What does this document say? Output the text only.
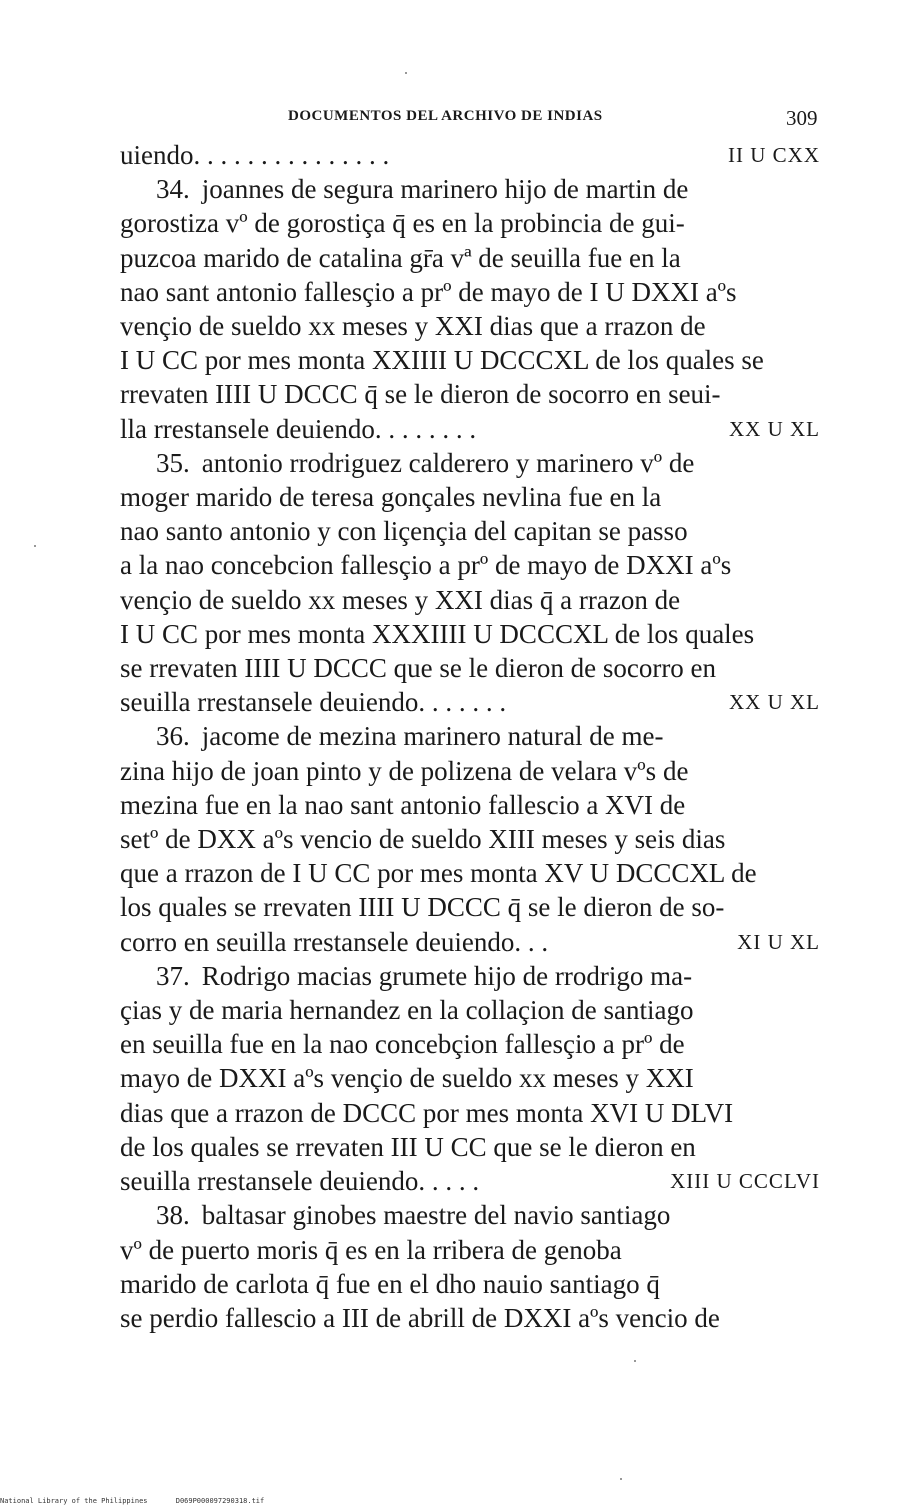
DOCUMENTOS DEL ARCHIVO DE INDIAS	309
uiendo. . . . . . . . . . . . . . .	II U CXX
34. joannes de segura marinero hijo de martin de
gorostiza vº de gorostiça q̄ es en la probincia de gui-
puzcoa marido de catalina gr̄a vª de seuilla fue en la
nao sant antonio fallesçio a prº de mayo de I U DXXI aºs
vençio de sueldo xx meses y XXI dias que a rrazon de
I U CC por mes monta XXIIII U DCCCXL de los quales se
rrevaten IIII U DCCC q̄ se le dieron de socorro en seui-
lla rrestansele deuiendo. . . . . . . .	XX U XL
35. antonio rrodriguez calderero y marinero vº de
moger marido de teresa gonçales nevlina fue en la
nao santo antonio y con liçençia del capitan se passo
a la nao concebcion fallesçio a prº de mayo de DXXI aºs
vençio de sueldo xx meses y XXI dias q̄ a rrazon de
I U CC por mes monta XXXIIII U DCCCXL de los quales
se rrevaten IIII U DCCC que se le dieron de socorro en
seuilla rrestansele deuiendo. . . . . . .	XX U XL
36. jacome de mezina marinero natural de me-
zina hijo de joan pinto y de polizena de velara vºs de
mezina fue en la nao sant antonio fallescio a XVI de
setº de DXX aºs vencio de sueldo XIII meses y seis dias
que a rrazon de I U CC por mes monta XV U DCCCXL de
los quales se rrevaten IIII U DCCC q̄ se le dieron de so-
corro en seuilla rrestansele deuiendo. . .	XI U XL
37. Rodrigo macias grumete hijo de rrodrigo ma-
çias y de maria hernandez en la collaçion de santiago
en seuilla fue en la nao concebçion fallesçio a prº de
mayo de DXXI aºs vençio de sueldo xx meses y XXI
dias que a rrazon de DCCC por mes monta XVI U DLVI
de los quales se rrevaten III U CC que se le dieron en
seuilla rrestansele deuiendo. . . . .	XIII U CCCLVI
38. baltasar ginobes maestre del navio santiago
vº de puerto moris q̄ es en la rribera de genoba
marido de carlota q̄ fue en el dho nauio santiago q̄
se perdio fallescio a III de abrill de DXXI aºs vencio de
National Library of the Philippines	D069P000097290318.tif
